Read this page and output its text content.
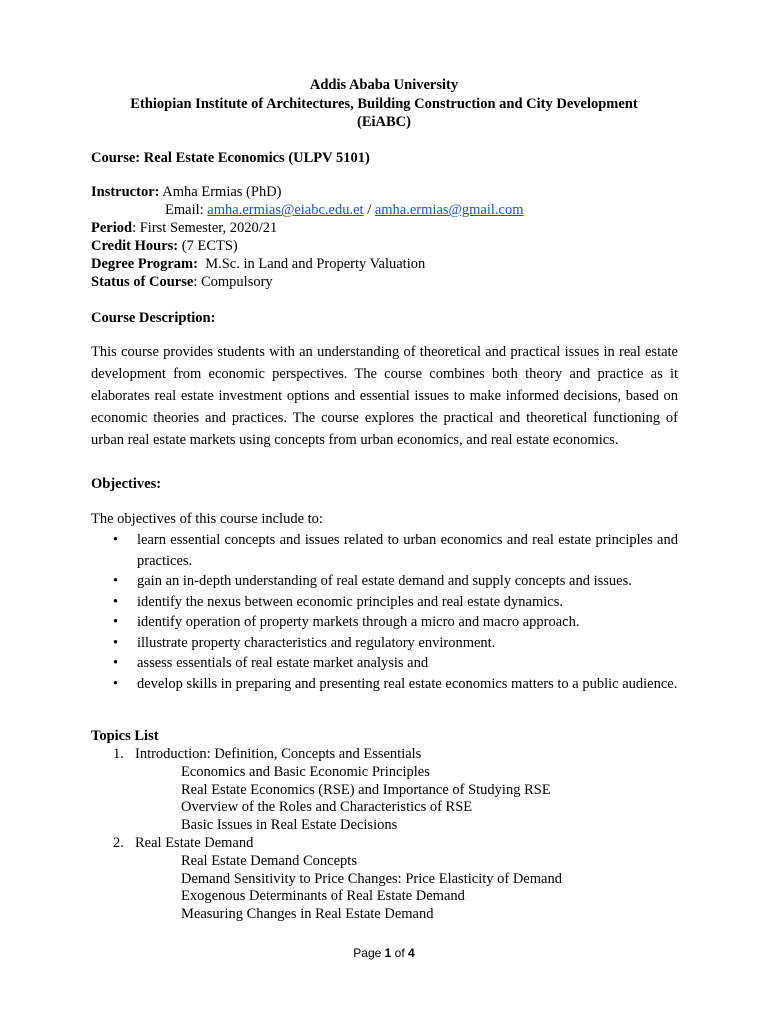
Addis Ababa University
Ethiopian Institute of Architectures, Building Construction and City Development
(EiABC)
Course: Real Estate Economics (ULPV 5101)
Instructor: Amha Ermias (PhD)
Email: amha.ermias@eiabc.edu.et / amha.ermias@gmail.com
Period: First Semester, 2020/21
Credit Hours: (7 ECTS)
Degree Program:  M.Sc. in Land and Property Valuation
Status of Course: Compulsory
Course Description:
This course provides students with an understanding of theoretical and practical issues in real estate development from economic perspectives. The course combines both theory and practice as it elaborates real estate investment options and essential issues to make informed decisions, based on economic theories and practices. The course explores the practical and theoretical functioning of urban real estate markets using concepts from urban economics, and real estate economics.
Objectives:
The objectives of this course include to:
• learn essential concepts and issues related to urban economics and real estate principles and practices.
• gain an in-depth understanding of real estate demand and supply concepts and issues.
• identify the nexus between economic principles and real estate dynamics.
• identify operation of property markets through a micro and macro approach.
• illustrate property characteristics and regulatory environment.
• assess essentials of real estate market analysis and
• develop skills in preparing and presenting real estate economics matters to a public audience.
Topics List
1. Introduction: Definition, Concepts and Essentials
Economics and Basic Economic Principles
Real Estate Economics (RSE) and Importance of Studying RSE
Overview of the Roles and Characteristics of RSE
Basic Issues in Real Estate Decisions
2. Real Estate Demand
Real Estate Demand Concepts
Demand Sensitivity to Price Changes: Price Elasticity of Demand
Exogenous Determinants of Real Estate Demand
Measuring Changes in Real Estate Demand
Page 1 of 4
